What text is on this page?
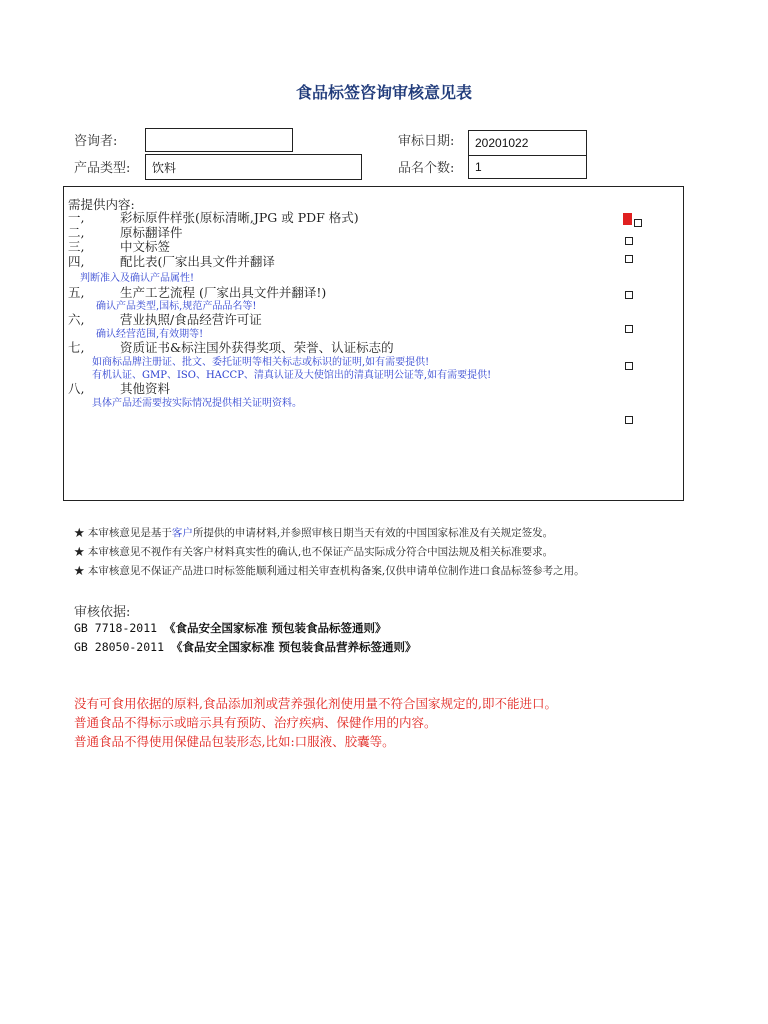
食品标签咨询审核意见表
咨询者:	审标日期:	20201022
产品类型:	饮料	品名个数:	1
需提供内容:
一,	彩标原件样张(原标清晰,JPG 或 PDF 格式)
二,	原标翻译件
三,	中文标签
四,	配比表(厂家出具文件并翻译
判断准入及确认产品属性!
五,	生产工艺流程 (厂家出具文件并翻译!)
确认产品类型,国标,规范产品品名等!
六,	营业执照/食品经营许可证
确认经营范围,有效期等!
七,	资质证书&标注国外获得奖项、荣誉、认证标志的
如商标品牌注册证、批文、委托证明等相关标志或标识的证明,如有需要提供!
有机认证、GMP、ISO、HACCP、清真认证及大使馆出的清真证明公证等,如有需要提供!
八,	其他资料
具体产品还需要按实际情况提供相关证明资料。
★ 本审核意见是基于客户所提供的申请材料,并参照审核日期当天有效的中国国家标准及有关规定签发。
★ 本审核意见不视作有关客户材料真实性的确认,也不保证产品实际成分符合中国法规及相关标准要求。
★ 本审核意见不保证产品进口时标签能顺利通过相关审查机构备案,仅供申请单位制作进口食品标签参考之用。
审核依据:
GB 7718-2011 《食品安全国家标准 预包装食品标签通则》
GB 28050-2011 《食品安全国家标准 预包装食品营养标签通则》
没有可食用依据的原料,食品添加剂或营养强化剂使用量不符合国家规定的,即不能进口。
普通食品不得标示或暗示具有预防、治疗疾病、保健作用的内容。
普通食品不得使用保健品包装形态,比如:口服液、胶囊等。
